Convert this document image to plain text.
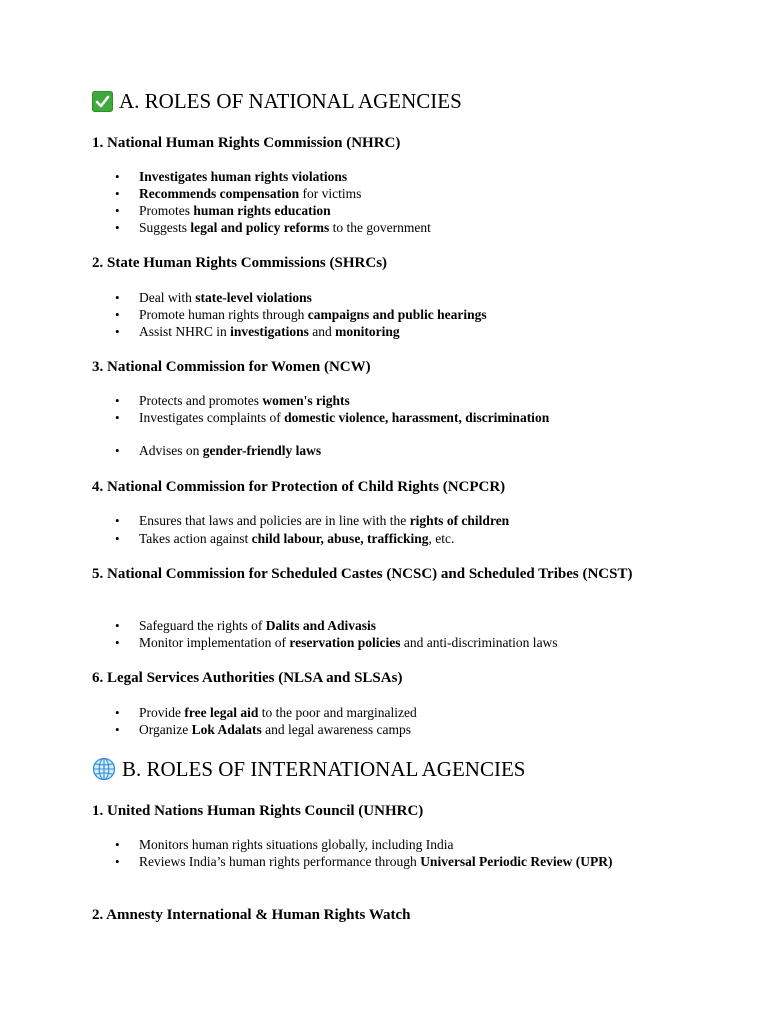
A. ROLES OF NATIONAL AGENCIES
1. National Human Rights Commission (NHRC)
• Investigates human rights violations
• Recommends compensation for victims
• Promotes human rights education
• Suggests legal and policy reforms to the government
2. State Human Rights Commissions (SHRCs)
• Deal with state-level violations
• Promote human rights through campaigns and public hearings
• Assist NHRC in investigations and monitoring
3. National Commission for Women (NCW)
• Protects and promotes women's rights
• Investigates complaints of domestic violence, harassment, discrimination
• Advises on gender-friendly laws
4. National Commission for Protection of Child Rights (NCPCR)
• Ensures that laws and policies are in line with the rights of children
• Takes action against child labour, abuse, trafficking, etc.
5. National Commission for Scheduled Castes (NCSC) and Scheduled Tribes (NCST)
• Safeguard the rights of Dalits and Adivasis
• Monitor implementation of reservation policies and anti-discrimination laws
6. Legal Services Authorities (NLSA and SLSAs)
• Provide free legal aid to the poor and marginalized
• Organize Lok Adalats and legal awareness camps
B. ROLES OF INTERNATIONAL AGENCIES
1. United Nations Human Rights Council (UNHRC)
• Monitors human rights situations globally, including India
• Reviews India’s human rights performance through Universal Periodic Review (UPR)
2. Amnesty International & Human Rights Watch
